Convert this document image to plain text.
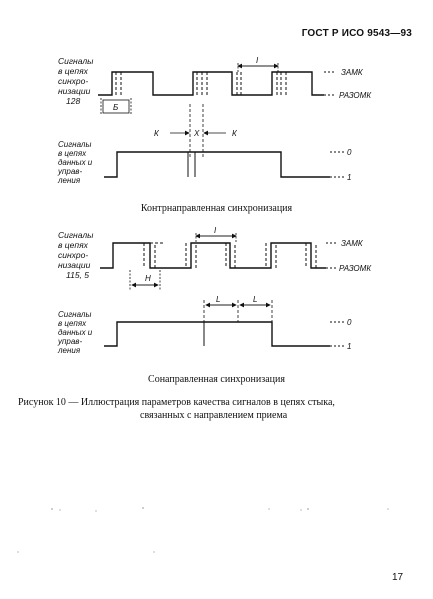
ГОСТ Р ИСО 9543—93
Сигналы
в цепях
синхро-
низации
128
ЗАМК
РАЗОМК
I
Б
К	X	К
Сигналы
в цепях
данных и
управ-
ления
0
1
Сигналы
в цепях
синхро-
низации
115, 5
ЗАМК
РАЗОМК
I
H
L	L
Сигналы
в цепях
данных и
управ-
ления
0
1
Контрнаправленная синхронизация
Сонаправленная синхронизация
Рисунок 10 — Иллюстрация параметров качества сигналов в цепях стыка,
связанных с направлением приема
17
